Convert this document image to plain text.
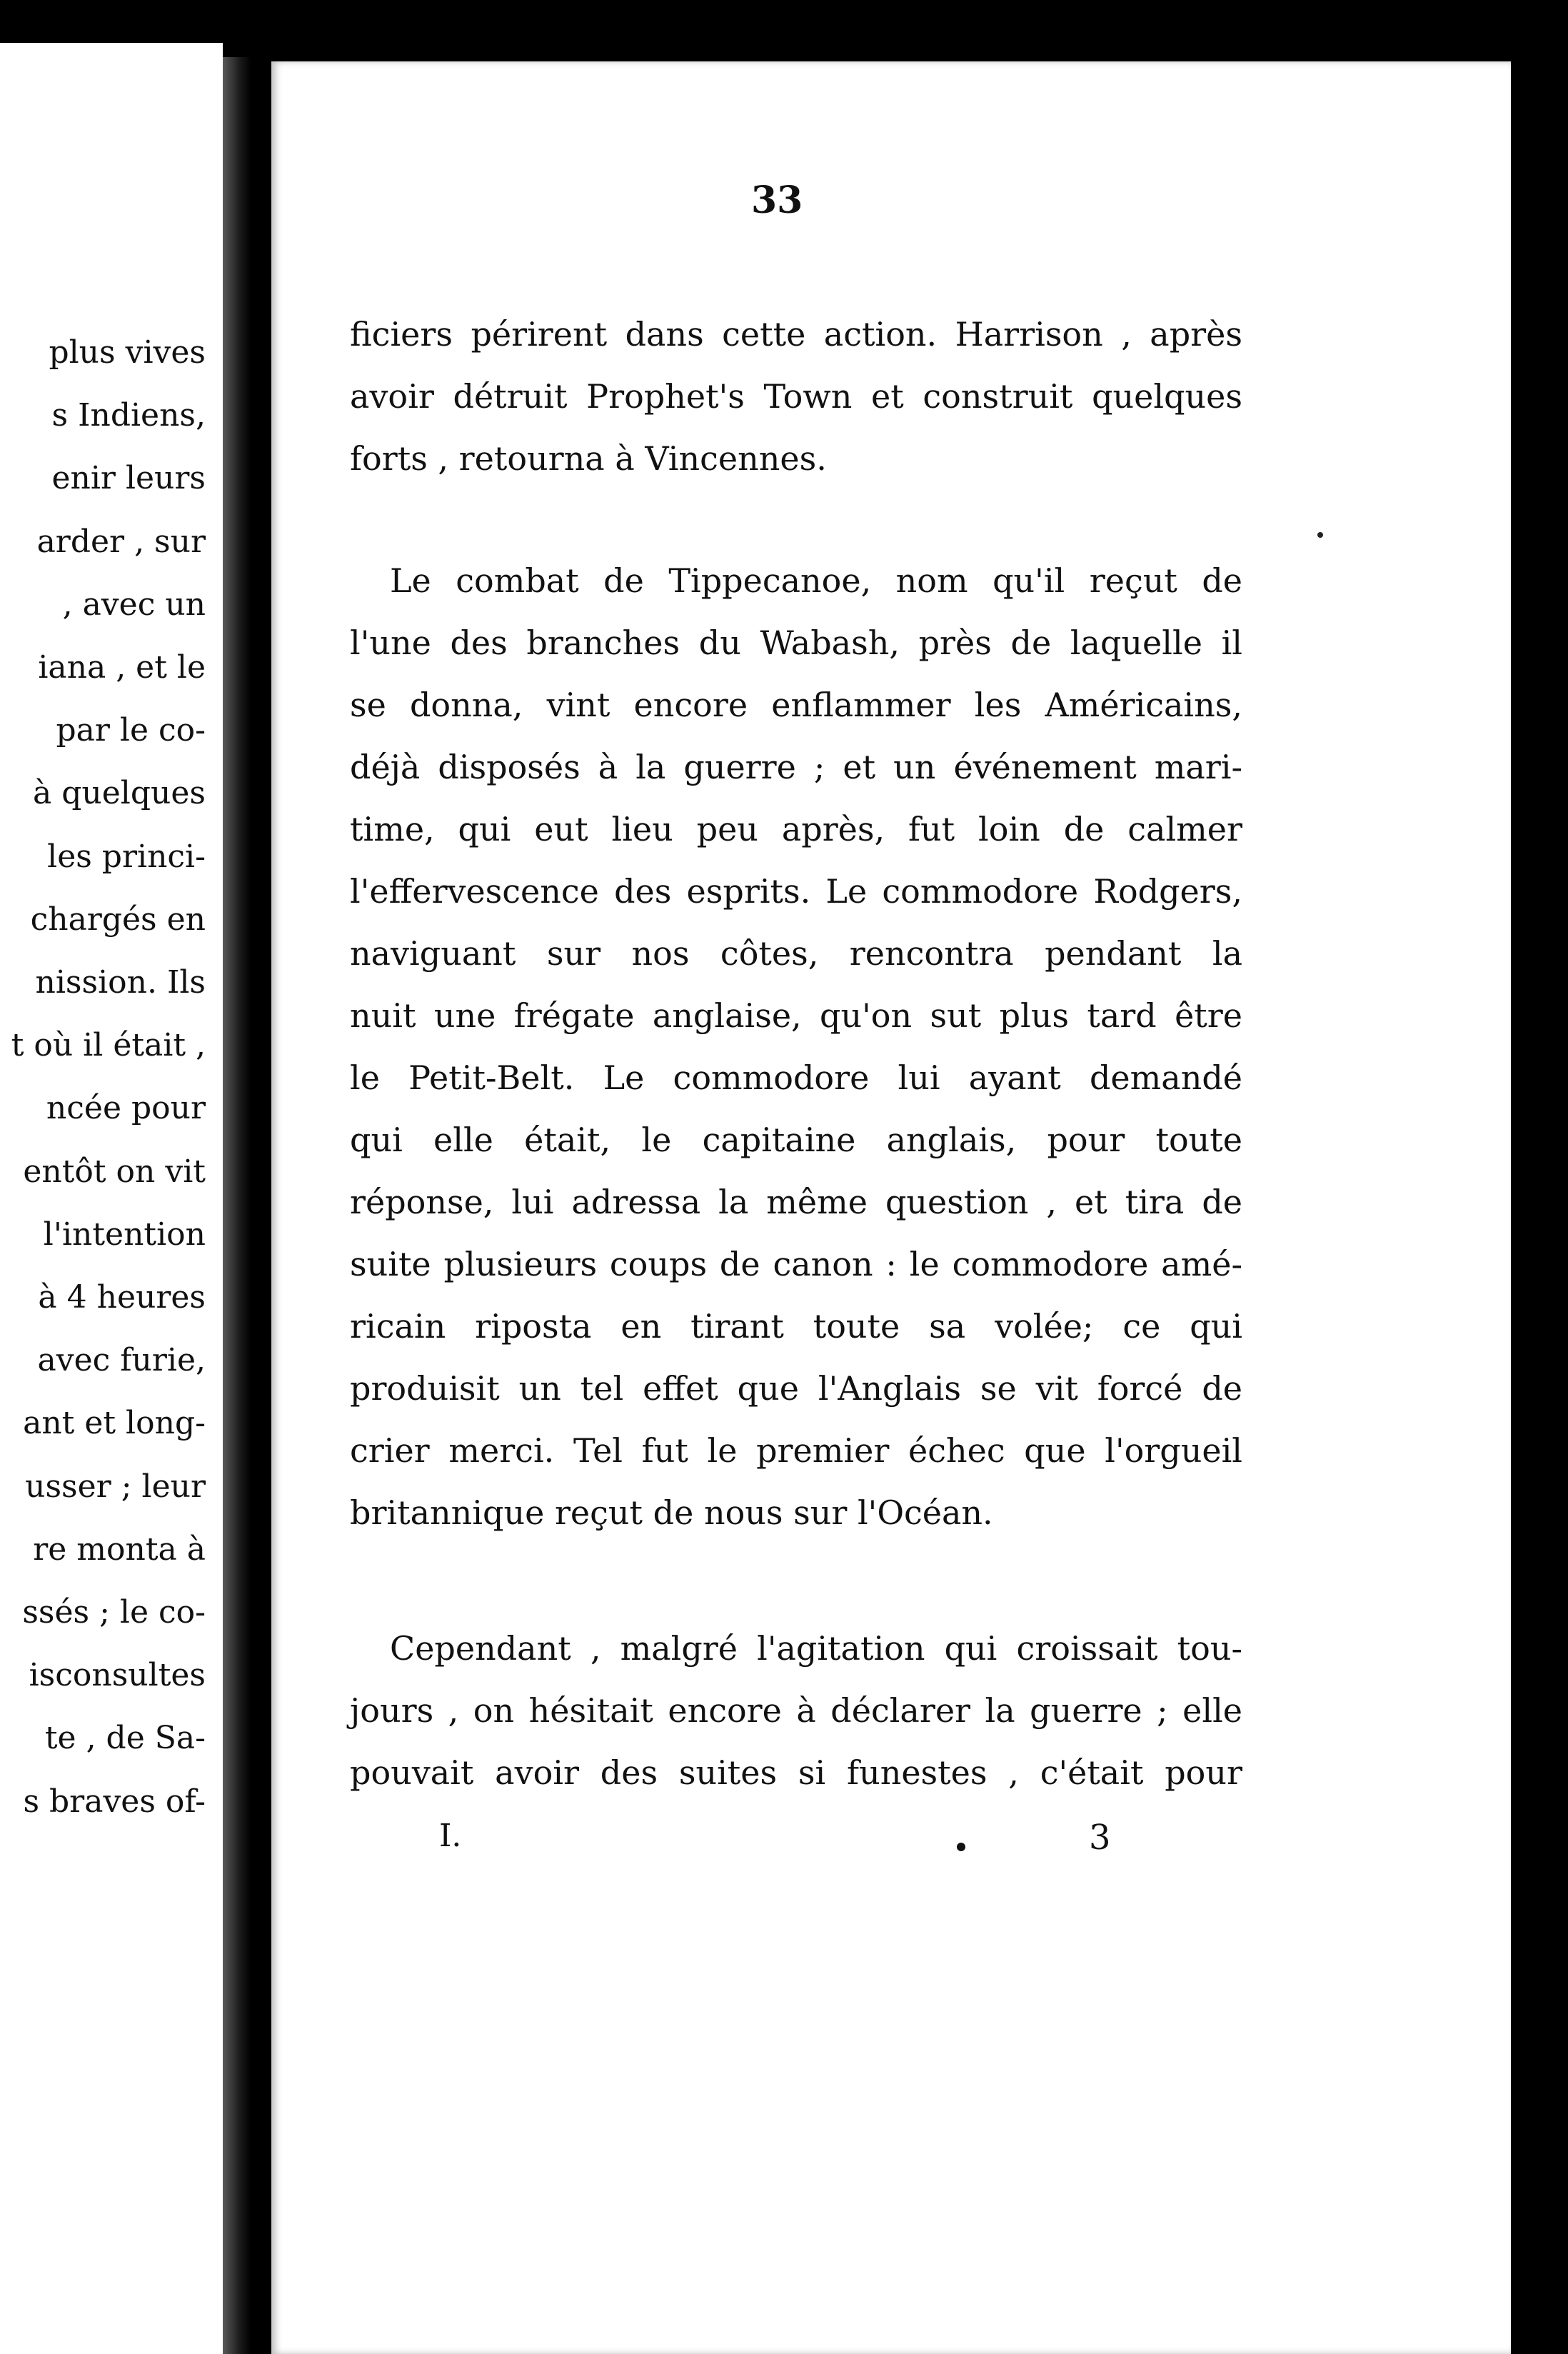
plus vives
s Indiens,
enir leurs
arder , sur
, avec un
iana , et le
par le co-
à quelques
les princi-
chargés en
nission. Ils
t où il était ,
ncée pour
entôt on vit
l'intention
à 4 heures
avec furie,
ant et long-
usser ; leur
re monta à
ssés ; le co-
isconsultes
te , de Sa-
s braves of-
33
ficiers périrent dans cette action. Harrison , après
avoir détruit Prophet's Town et construit quelques
forts , retourna à Vincennes.
Le combat de Tippecanoe, nom qu'il reçut de
l'une des branches du Wabash, près de laquelle il
se donna, vint encore enflammer les Américains,
déjà disposés à la guerre ; et un événement mari-
time, qui eut lieu peu après, fut loin de calmer
l'effervescence des esprits. Le commodore Rodgers,
naviguant sur nos côtes, rencontra pendant la
nuit une frégate anglaise, qu'on sut plus tard être
le Petit-Belt. Le commodore lui ayant demandé
qui elle était, le capitaine anglais, pour toute
réponse, lui adressa la même question , et tira de
suite plusieurs coups de canon : le commodore amé-
ricain riposta en tirant toute sa volée; ce qui
produisit un tel effet que l'Anglais se vit forcé de
crier merci. Tel fut le premier échec que l'orgueil
britannique reçut de nous sur l'Océan.
Cependant , malgré l'agitation qui croissait tou-
jours , on hésitait encore à déclarer la guerre ; elle
pouvait avoir des suites si funestes , c'était pour
I.	3
